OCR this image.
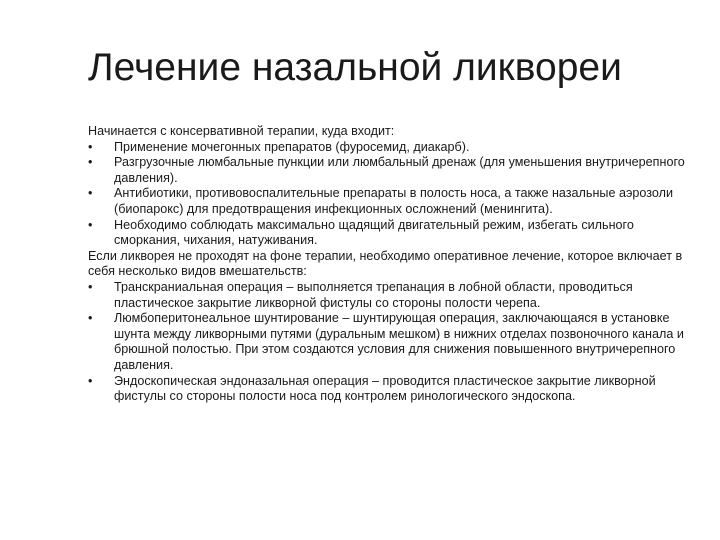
Лечение назальной ликвореи

Начинается с консервативной терапии, куда входит:

•	Применение мочегонных препаратов (фуросемид, диакарб).
•	Разгрузочные люмбальные пункции или люмбальный дренаж (для уменьшения внутричерепного давления).
•	Антибиотики, противовоспалительные препараты в полость носа, а также назальные аэрозоли (биопарокс) для предотвращения инфекционных осложнений (менингита).
•	Необходимо соблюдать максимально щадящий двигательный режим, избегать сильного сморкания, чихания, натуживания.

Если ликворея не проходят на фоне терапии, необходимо оперативное лечение, которое включает в себя несколько видов вмешательств:

•	Транскраниальная операция – выполняется трепанация в лобной области, проводиться пластическое закрытие ликворной фистулы со стороны полости черепа.
•	Люмбоперитонеальное шунтирование – шунтирующая операция, заключающаяся в установке шунта между ликворными путями (дуральным мешком) в нижних отделах позвоночного канала и брюшной полостью. При этом создаются условия для снижения повышенного внутричерепного давления.
•	Эндоскопическая эндоназальная операция – проводится пластическое закрытие ликворной фистулы со стороны полости носа под контролем ринологического эндоскопа.
